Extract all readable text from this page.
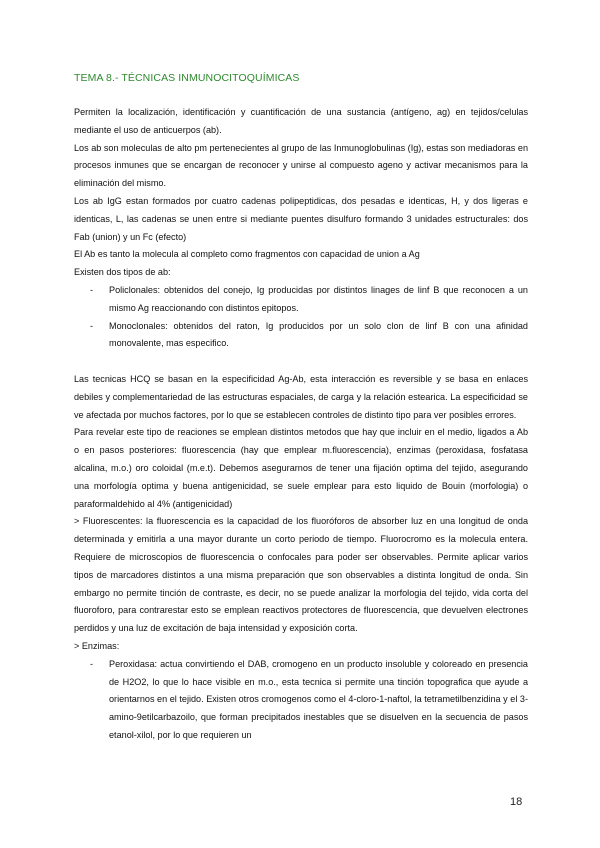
TEMA 8.- TÉCNICAS INMUNOCITOQUÍMICAS

Permiten la localización, identificación y cuantificación de una sustancia (antígeno, ag) en tejidos/celulas mediante el uso de anticuerpos (ab).

Los ab son moleculas de alto pm pertenecientes al grupo de las Inmunoglobulinas (Ig), estas son mediadoras en procesos inmunes que se encargan de reconocer y unirse al compuesto ageno y activar mecanismos para la eliminación del mismo.

Los ab IgG estan formados por cuatro cadenas polipeptidicas, dos pesadas e identicas, H, y dos ligeras e identicas, L, las cadenas se unen entre si mediante puentes disulfuro formando 3 unidades estructurales: dos Fab (union) y un Fc (efecto)

El Ab es tanto la molecula al completo como fragmentos con capacidad de union a Ag

Existen dos tipos de ab:

- Policlonales: obtenidos del conejo, Ig producidas por distintos linages de linf B que reconocen a un mismo Ag reaccionando con distintos epitopos.
- Monoclonales: obtenidos del raton, Ig producidos por un solo clon de linf B con una afinidad monovalente, mas especifico.

Las tecnicas HCQ se basan en la especificidad Ag-Ab, esta interacción es reversible y se basa en enlaces debiles y complementariedad de las estructuras espaciales, de carga y la relación estearica. La especificidad se ve afectada por muchos factores, por lo que se establecen controles de distinto tipo para ver posibles errores.

Para revelar este tipo de reaciones se emplean distintos metodos que hay que incluir en el medio, ligados a Ab o en pasos posteriores: fluorescencia (hay que emplear m.fluorescencia), enzimas (peroxidasa, fosfatasa alcalina, m.o.) oro coloidal (m.e.t). Debemos asegurarnos de tener una fijación optima del tejido, asegurando una morfología optima y buena antigenicidad, se suele emplear para esto liquido de Bouin (morfologia) o paraformaldehido al 4% (antigenicidad)

> Fluorescentes: la fluorescencia es la capacidad de los fluoróforos de absorber luz en una longitud de onda determinada y emitirla a una mayor durante un corto periodo de tiempo. Fluorocromo es la molecula entera. Requiere de microscopios de fluorescencia o confocales para poder ser observables. Permite aplicar varios tipos de marcadores distintos a una misma preparación que son observables a distinta longitud de onda. Sin embargo no permite tinción de contraste, es decir, no se puede analizar la morfologia del tejido, vida corta del fluoroforo, para contrarestar esto se emplean reactivos protectores de fluorescencia, que devuelven electrones perdidos y una luz de excitación de baja intensidad y exposición corta.

> Enzimas:

- Peroxidasa: actua convirtiendo el DAB, cromogeno en un producto insoluble y coloreado en presencia de H2O2, lo que lo hace visible en m.o., esta tecnica si permite una tinción topografica que ayude a orientarnos en el tejido. Existen otros cromogenos como el 4-cloro-1-naftol, la tetrametilbenzidina y el 3-amino-9etilcarbazoilo, que forman precipitados inestables que se disuelven en la secuencia de pasos etanol-xilol, por lo que requieren un
18
